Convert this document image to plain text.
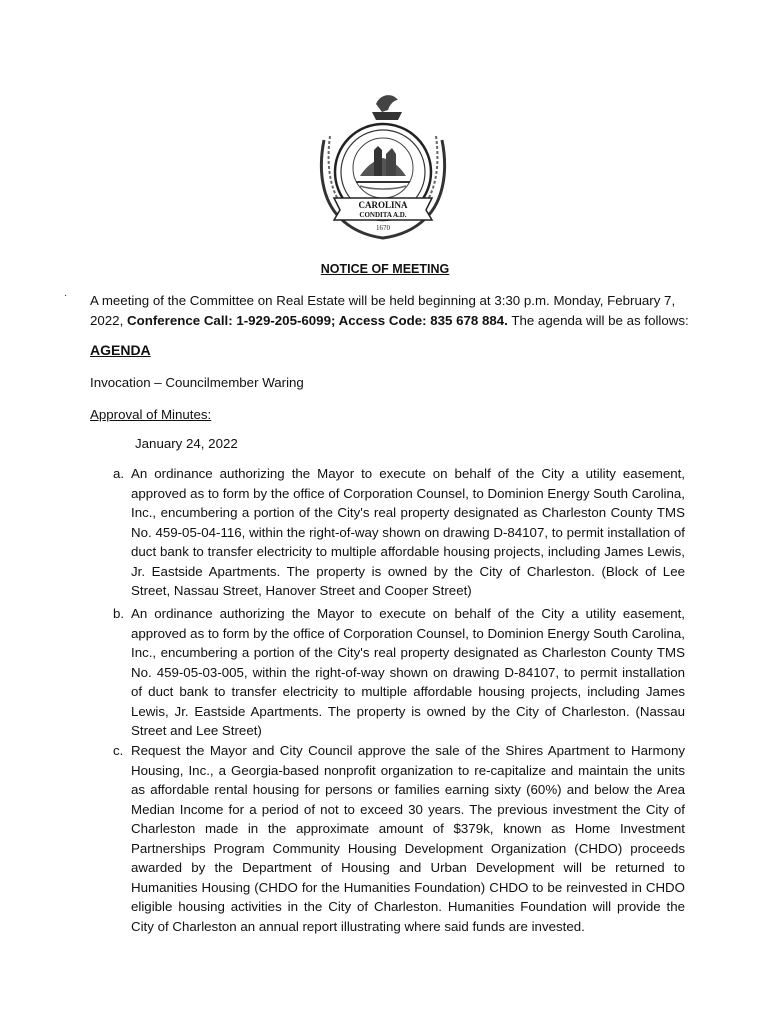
CAROLINA
CONDITA A.D.
1670
NOTICE OF MEETING
· A meeting of the Committee on Real Estate will be held beginning at 3:30 p.m. Monday, February 7, 2022, Conference Call: 1-929-205-6099; Access Code: 835 678 884. The agenda will be as follows:
AGENDA
Invocation – Councilmember Waring
Approval of Minutes:
January 24, 2022
a. An ordinance authorizing the Mayor to execute on behalf of the City a utility easement, approved as to form by the office of Corporation Counsel, to Dominion Energy South Carolina, Inc., encumbering a portion of the City's real property designated as Charleston County TMS No. 459-05-04-116, within the right-of-way shown on drawing D-84107, to permit installation of duct bank to transfer electricity to multiple affordable housing projects, including James Lewis, Jr. Eastside Apartments. The property is owned by the City of Charleston. (Block of Lee Street, Nassau Street, Hanover Street and Cooper Street)
b. An ordinance authorizing the Mayor to execute on behalf of the City a utility easement, approved as to form by the office of Corporation Counsel, to Dominion Energy South Carolina, Inc., encumbering a portion of the City's real property designated as Charleston County TMS No. 459-05-03-005, within the right-of-way shown on drawing D-84107, to permit installation of duct bank to transfer electricity to multiple affordable housing projects, including James Lewis, Jr. Eastside Apartments. The property is owned by the City of Charleston. (Nassau Street and Lee Street)
c. Request the Mayor and City Council approve the sale of the Shires Apartment to Harmony Housing, Inc., a Georgia-based nonprofit organization to re-capitalize and maintain the units as affordable rental housing for persons or families earning sixty (60%) and below the Area Median Income for a period of not to exceed 30 years. The previous investment the City of Charleston made in the approximate amount of $379k, known as Home Investment Partnerships Program Community Housing Development Organization (CHDO) proceeds awarded by the Department of Housing and Urban Development will be returned to Humanities Housing (CHDO for the Humanities Foundation) CHDO to be reinvested in CHDO eligible housing activities in the City of Charleston. Humanities Foundation will provide the City of Charleston an annual report illustrating where said funds are invested.
